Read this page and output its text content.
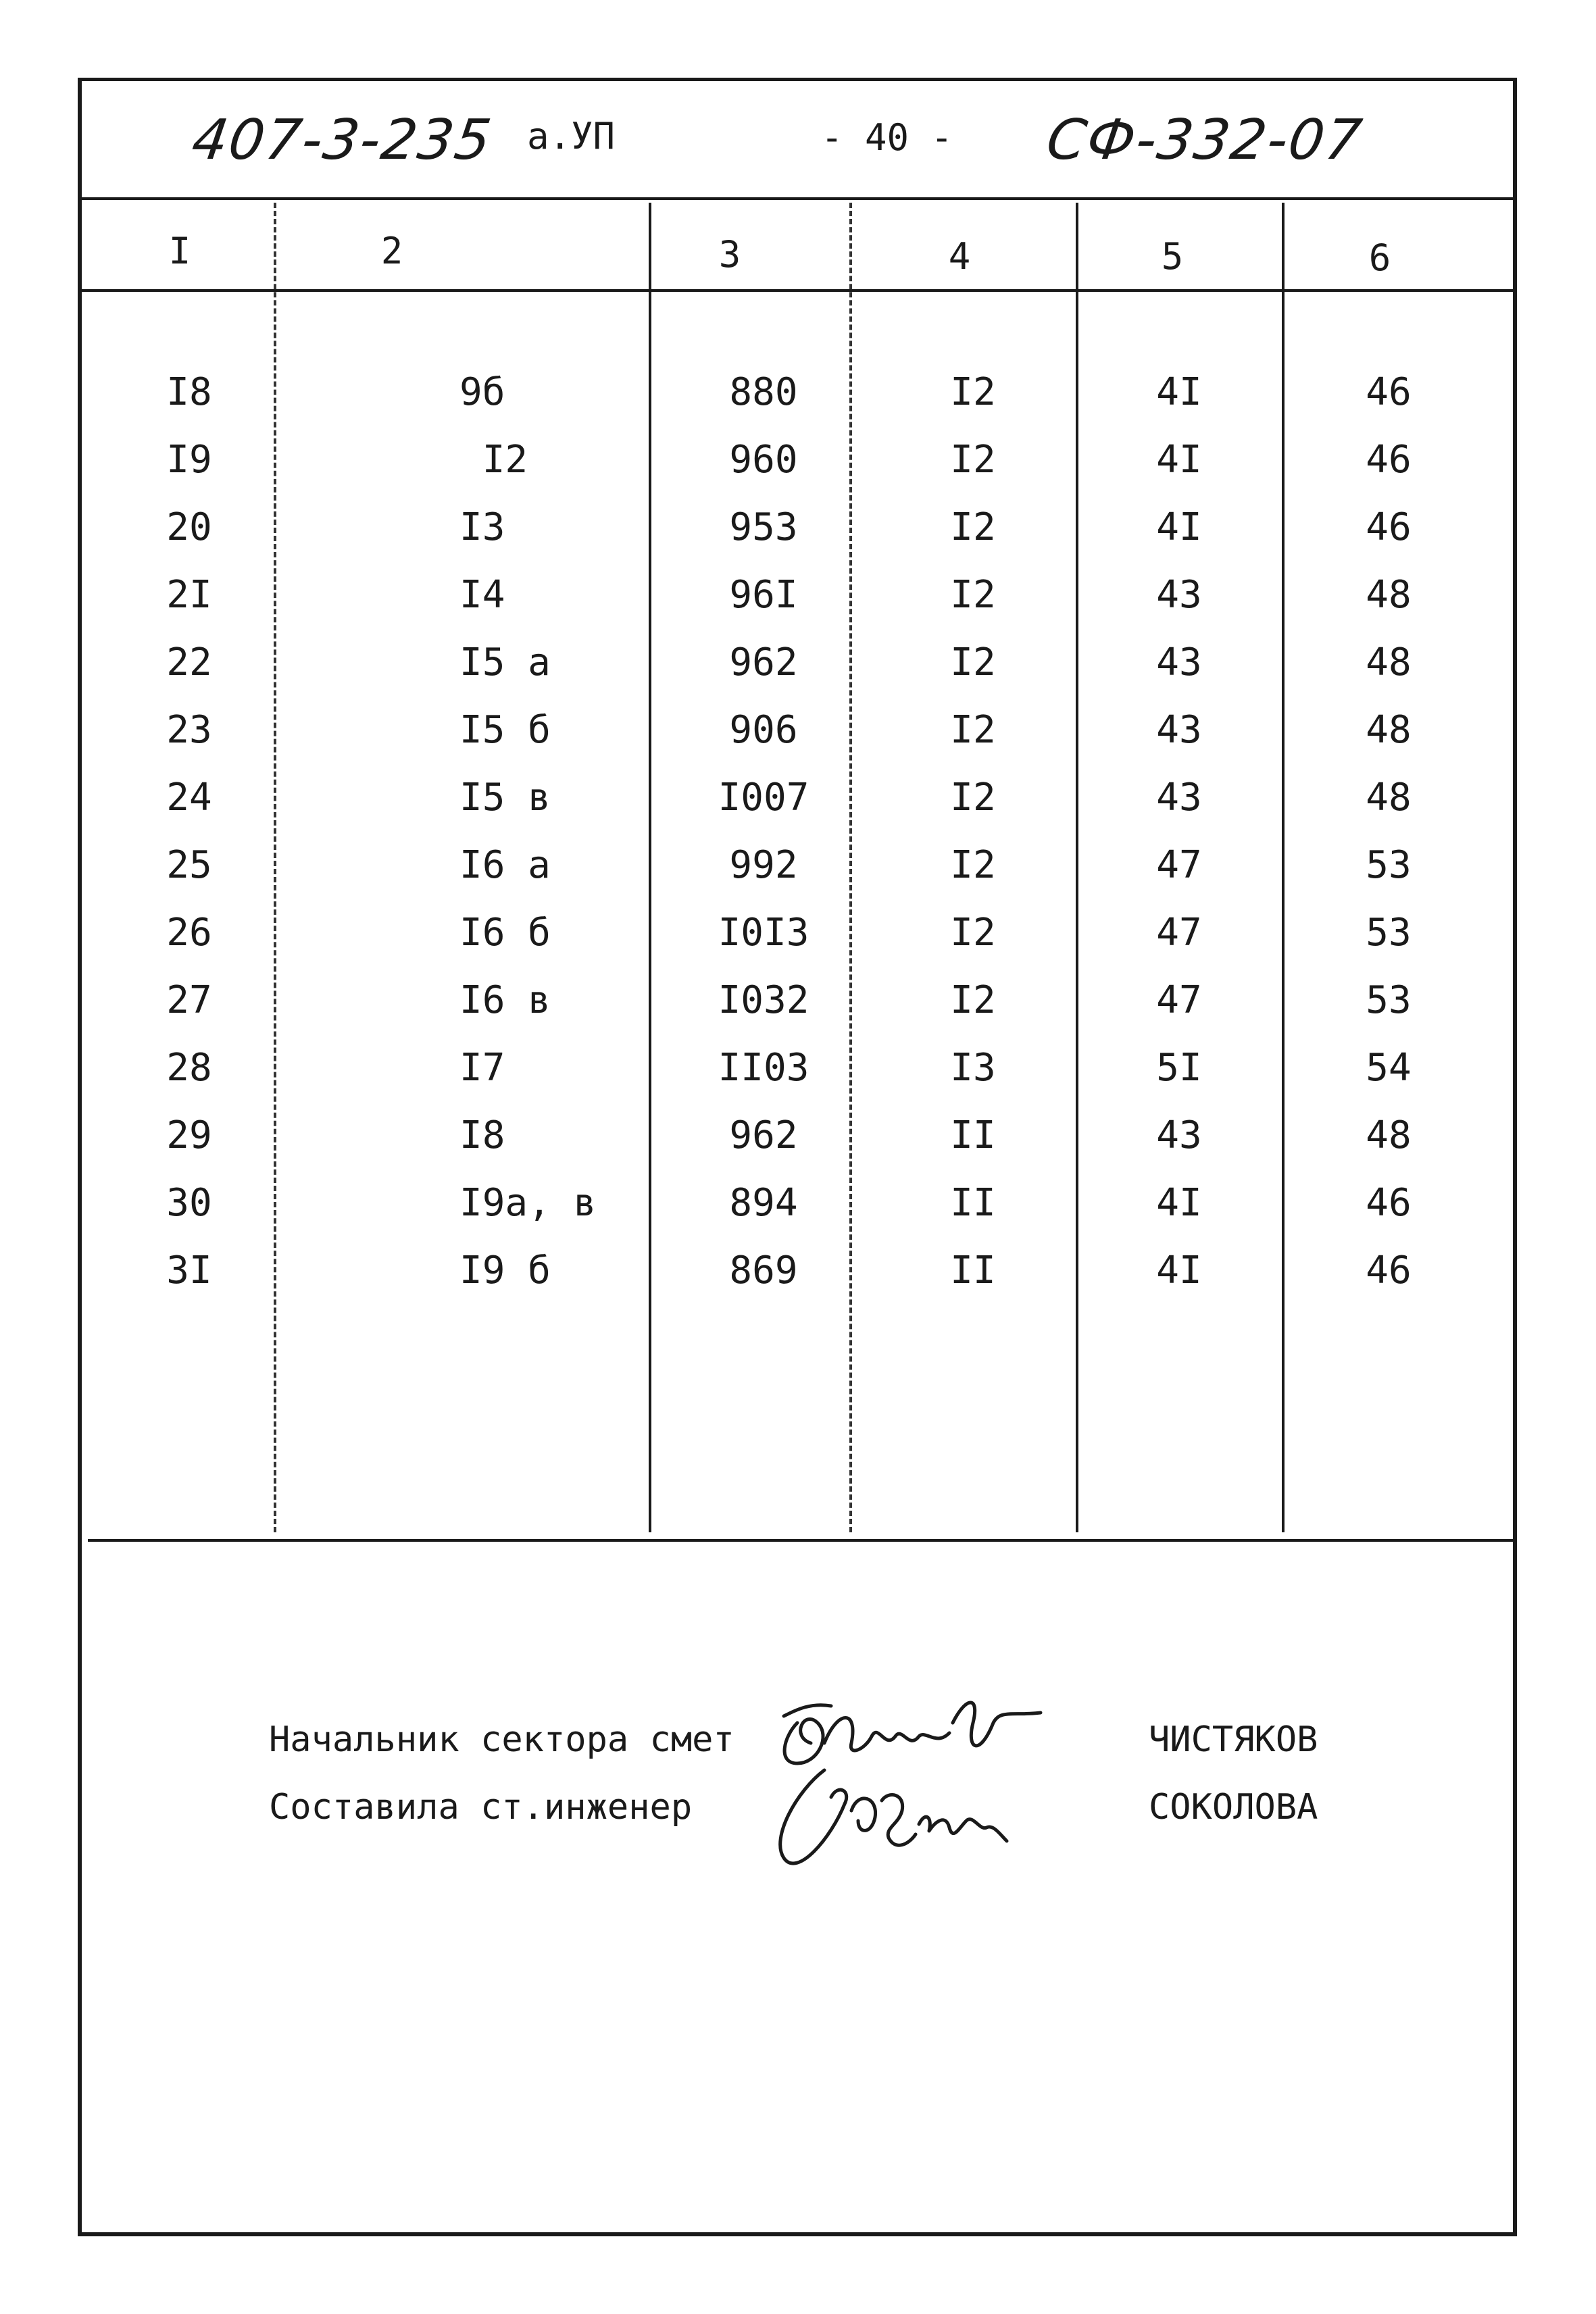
407-3-235 а.УП	- 40 - СФ-332-07
I	2	3	4	5	6
I8	9б	880	I2	4I	46
I9	I2	960	I2	4I	46
20	I3	953	I2	4I	46
2I	I4	96I	I2	43	48
22	I5 а	962	I2	43	48
23	I5 б	906	I2	43	48
24	I5 в	I007	I2	43	48
25	I6 а	992	I2	47	53
26	I6 б	I0I3	I2	47	53
27	I6 в	I032	I2	47	53
28	I7	II03	I3	5I	54
29	I8	962	II	43	48
30	I9а, в	894	II	4I	46
3I	I9 б	869	II	4I	46
Начальник сектора смет	ЧИСТЯКОВ
Составила ст.инженер	СОКОЛОВА
